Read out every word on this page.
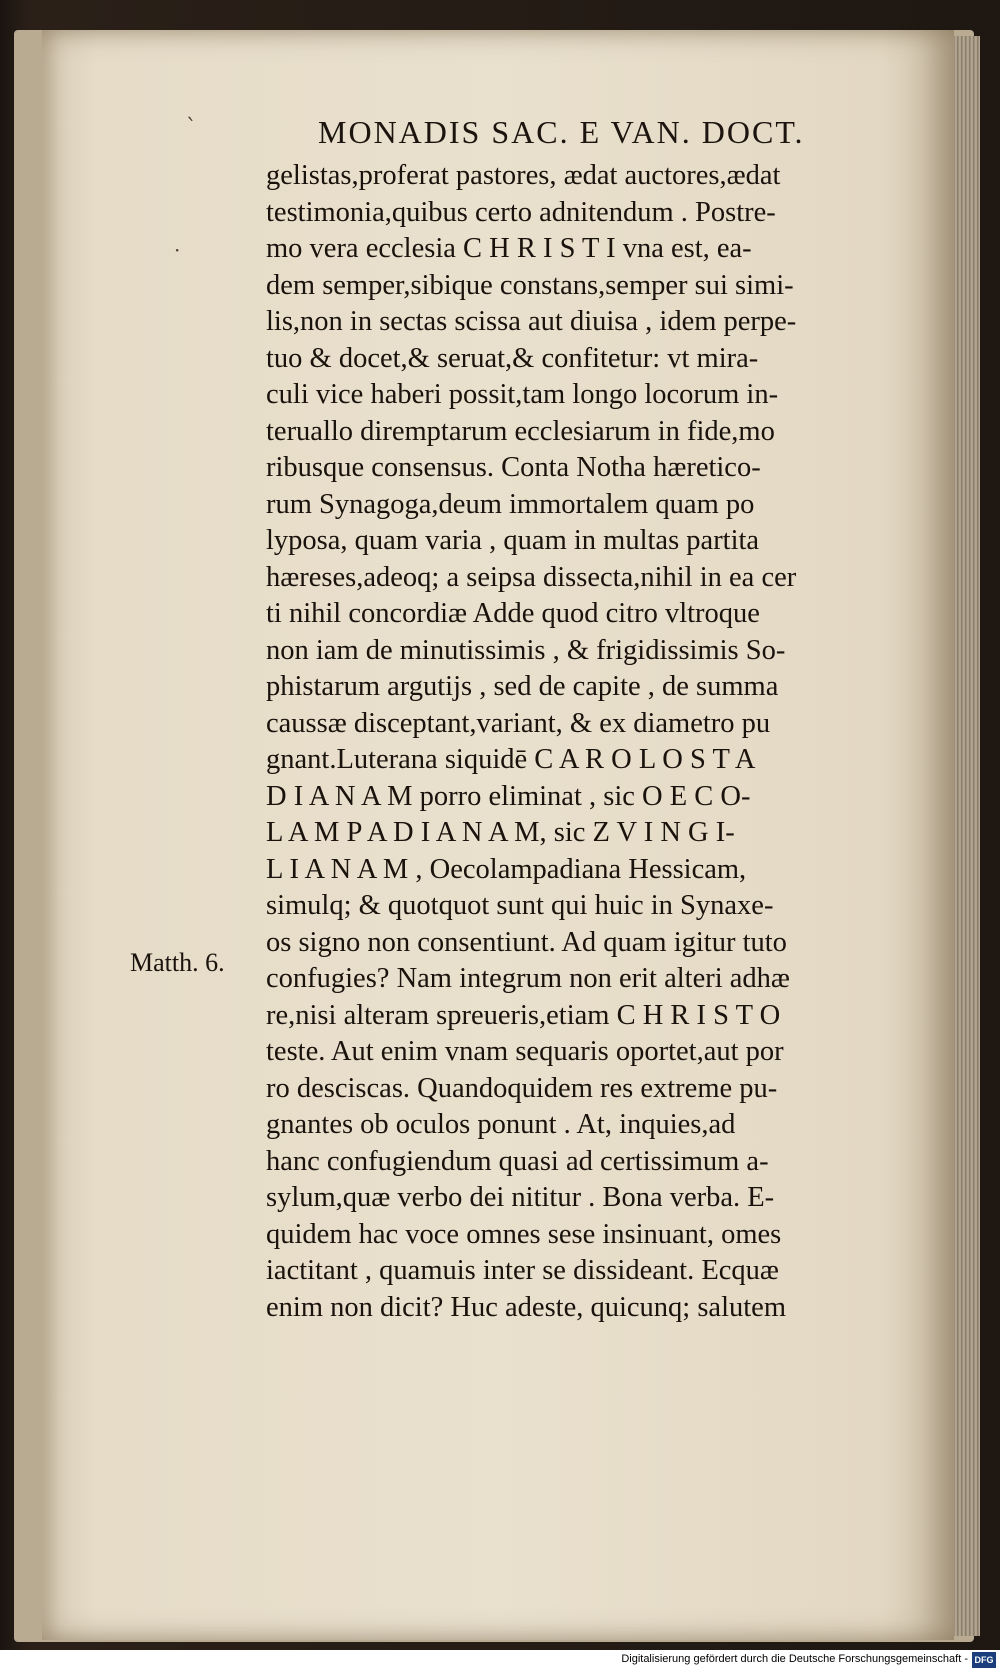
ˋ
·
MONADIS SAC. E VAN. DOCT.
Matth. 6.
gelistas,proferat pastores, ædat auctores,ædat
testimonia,quibus certo adnitendum . Postre-
mo vera ecclesia C H R I S T I vna est, ea-
dem semper,sibique constans,semper sui simi-
lis,non in sectas scissa aut diuisa , idem perpe-
tuo & docet,& seruat,& confitetur: vt mira-
culi vice haberi possit,tam longo locorum in-
teruallo diremptarum ecclesiarum in fide,mo
ribusque consensus. Conta Notha hæretico-
rum Synagoga,deum immortalem quam po
lyposa, quam varia , quam in multas partita
hæreses,adeoq; a seipsa dissecta,nihil in ea cer
ti nihil concordiæ Adde quod citro vltroque
non iam de minutissimis , & frigidissimis So-
phistarum argutijs , sed de capite , de summa
caussæ disceptant,variant, & ex diametro pu
gnant.Luterana siquidē C A R O L O S T A
D I A N A M porro eliminat , sic O E C O-
L A M P A D I A N A M, sic Z V I N G I-
L I A N A M , Oecolampadiana Hessicam,
simulq; & quotquot sunt qui huic in Synaxe-
os signo non consentiunt. Ad quam igitur tuto
confugies? Nam integrum non erit alteri adhæ
re,nisi alteram spreueris,etiam C H R I S T O
teste. Aut enim vnam sequaris oportet,aut por
ro desciscas. Quandoquidem res extreme pu-
gnantes ob oculos ponunt . At, inquies,ad
hanc confugiendum quasi ad certissimum a-
sylum,quæ verbo dei nititur . Bona verba. E-
quidem hac voce omnes sese insinuant, omes
iactitant , quamuis inter se dissideant. Ecquæ
enim non dicit? Huc adeste, quicunq; salutem
Digitalisierung gefördert durch die Deutsche Forschungsgemeinschaft - DFG
